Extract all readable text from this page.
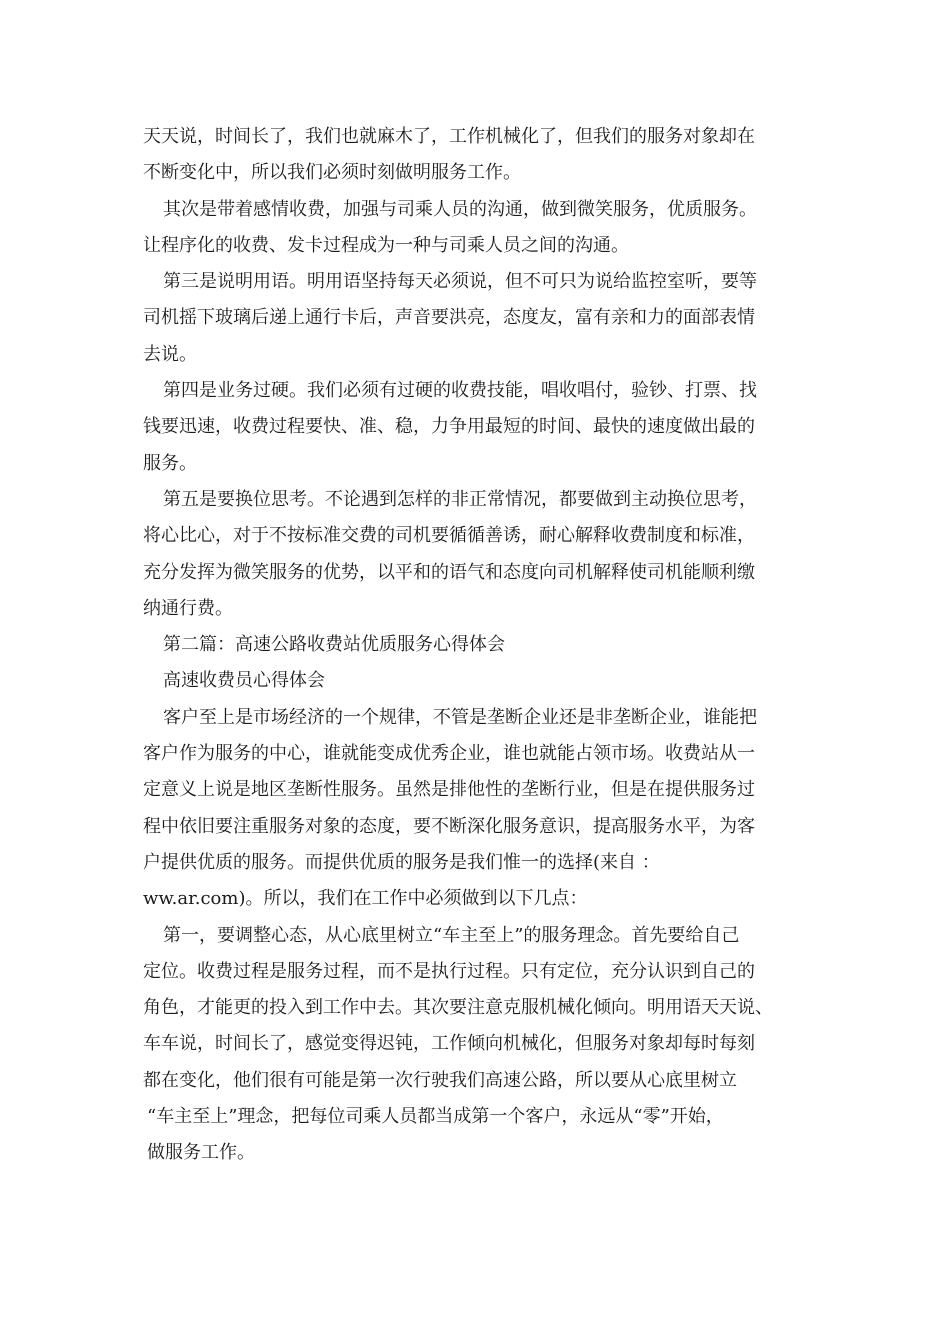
天天说，时间长了，我们也就麻木了，工作机械化了，但我们的服务对象却在
不断变化中，所以我们必须时刻做明服务工作。
其次是带着感情收费，加强与司乘人员的沟通，做到微笑服务，优质服务。
让程序化的收费、发卡过程成为一种与司乘人员之间的沟通。
第三是说明用语。明用语坚持每天必须说，但不可只为说给监控室听，要等
司机摇下玻璃后递上通行卡后，声音要洪亮，态度友，富有亲和力的面部表情
去说。
第四是业务过硬。我们必须有过硬的收费技能，唱收唱付，验钞、打票、找
钱要迅速，收费过程要快、准、稳，力争用最短的时间、最快的速度做出最的
服务。
第五是要换位思考。不论遇到怎样的非正常情况，都要做到主动换位思考，
将心比心，对于不按标准交费的司机要循循善诱，耐心解释收费制度和标准，
充分发挥为微笑服务的优势，以平和的语气和态度向司机解释使司机能顺利缴
纳通行费。
第二篇：高速公路收费站优质服务心得体会
高速收费员心得体会
客户至上是市场经济的一个规律，不管是垄断企业还是非垄断企业，谁能把
客户作为服务的中心，谁就能变成优秀企业，谁也就能占领市场。收费站从一
定意义上说是地区垄断性服务。虽然是排他性的垄断行业，但是在提供服务过
程中依旧要注重服务对象的态度，要不断深化服务意识，提高服务水平，为客
户提供优质的服务。而提供优质的服务是我们惟一的选择(来自 ：
ww.ar.com)。所以，我们在工作中必须做到以下几点：
第一，要调整心态，从心底里树立“车主至上”的服务理念。首先要给自己
定位。收费过程是服务过程，而不是执行过程。只有定位，充分认识到自己的
角色，才能更的投入到工作中去。其次要注意克服机械化倾向。明用语天天说、
车车说，时间长了，感觉变得迟钝，工作倾向机械化，但服务对象却每时每刻
都在变化，他们很有可能是第一次行驶我们高速公路，所以要从心底里树立
“车主至上”理念，把每位司乘人员都当成第一个客户，永远从“零”开始，
做服务工作。
